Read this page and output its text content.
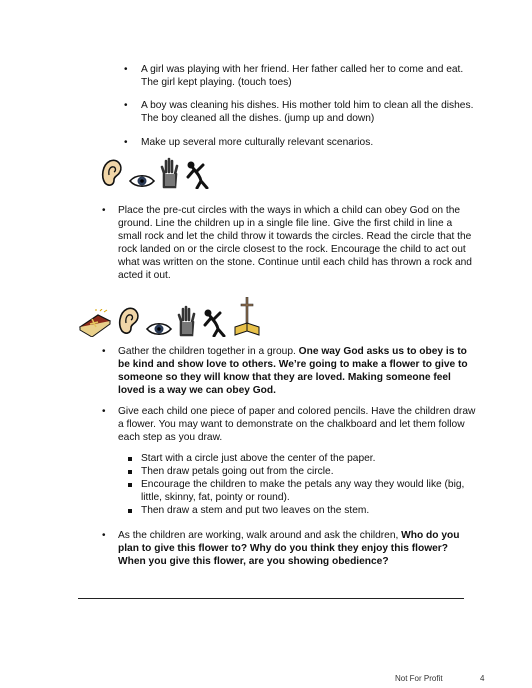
• A girl was playing with her friend. Her father called her to come and eat.
The girl kept playing. (touch toes)
• A boy was cleaning his dishes. His mother told him to clean all the dishes.
The boy cleaned all the dishes. (jump up and down)
• Make up several more culturally relevant scenarios.
• Place the pre-cut circles with the ways in which a child can obey God on the
ground. Line the children up in a single file line. Give the first child in line a
small rock and let the child throw it towards the circles. Read the circle that the
rock landed on or the circle closest to the rock. Encourage the child to act out
what was written on the stone. Continue until each child has thrown a rock and
acted it out.
• Gather the children together in a group. One way God asks us to obey is to
be kind and show love to others. We’re going to make a flower to give to
someone so they will know that they are loved. Making someone feel
loved is a way we can obey God.
• Give each child one piece of paper and colored pencils. Have the children draw
a flower. You may want to demonstrate on the chalkboard and let them follow
each step as you draw.
Start with a circle just above the center of the paper.
Then draw petals going out from the circle.
Encourage the children to make the petals any way they would like (big,
little, skinny, fat, pointy or round).
Then draw a stem and put two leaves on the stem.
• As the children are working, walk around and ask the children, Who do you
plan to give this flower to? Why do you think they enjoy this flower?
When you give this flower, are you showing obedience?
Not For Profit	4
